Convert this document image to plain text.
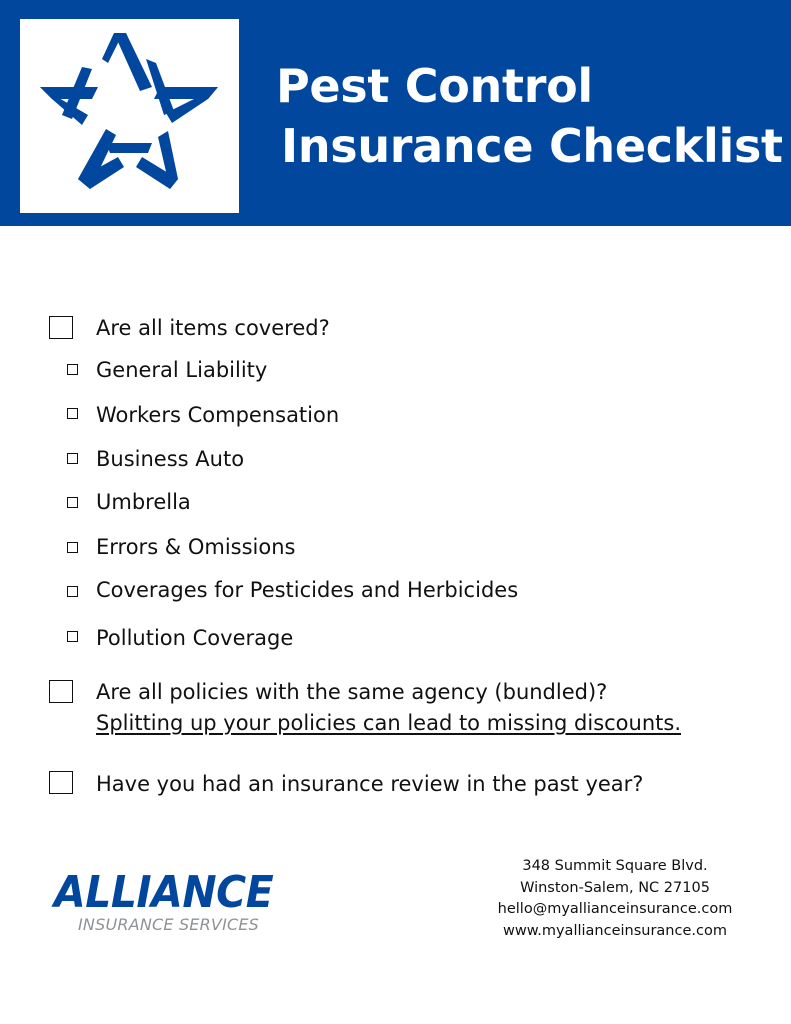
Pest Control
Insurance Checklist
Are all items covered?
General Liability
Workers Compensation
Business Auto
Umbrella
Errors & Omissions
Coverages for Pesticides and Herbicides
Pollution Coverage
Are all policies with the same agency (bundled)?
Splitting up your policies can lead to missing discounts.
Have you had an insurance review in the past year?
ALLIANCE
INSURANCE SERVICES
348 Summit Square Blvd.
Winston-Salem, NC 27105
hello@myallianceinsurance.com
www.myallianceinsurance.com
